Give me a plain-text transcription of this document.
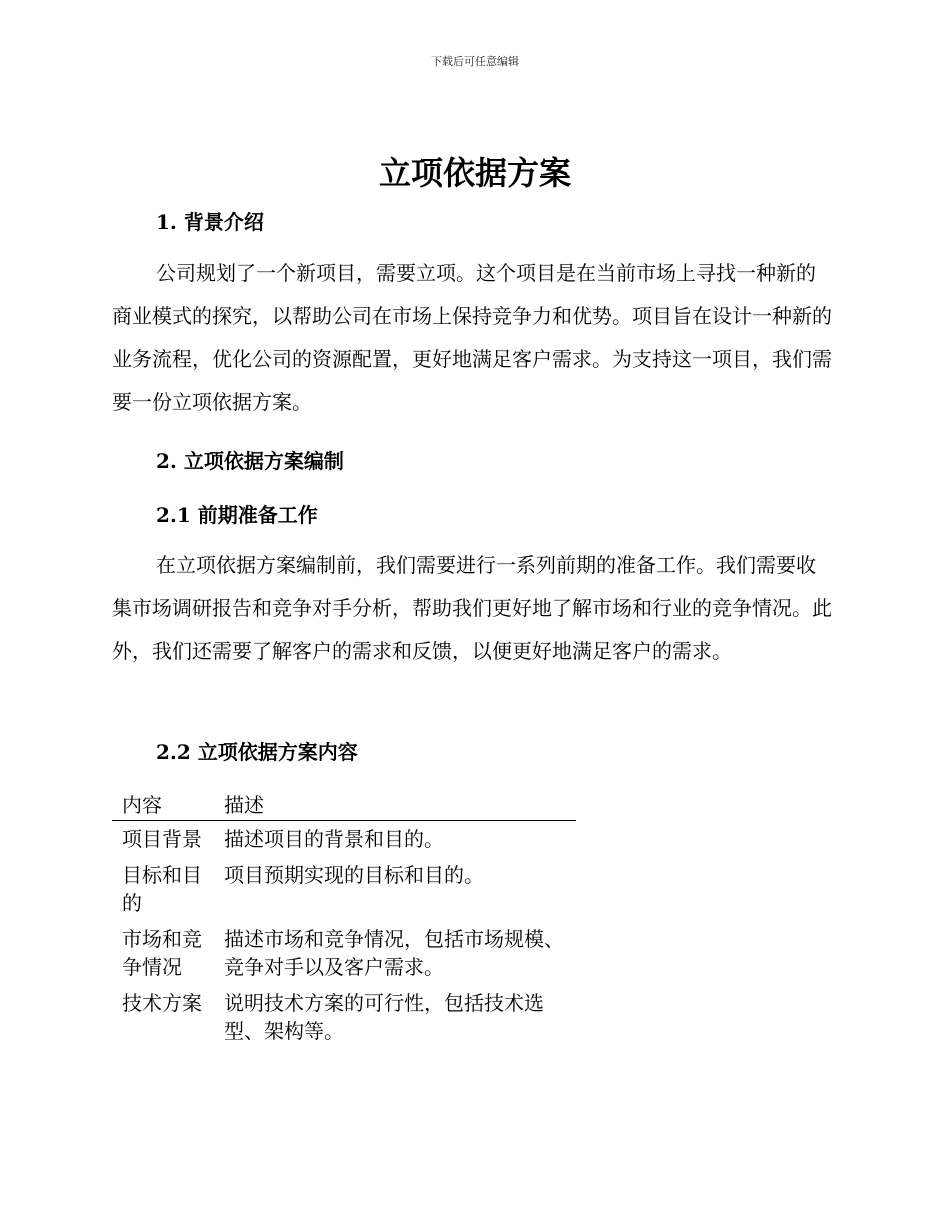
下载后可任意编辑
立项依据方案
1. 背景介绍

公司规划了一个新项目，需要立项。这个项目是在当前市场上寻找一种新的商业模式的探究，以帮助公司在市场上保持竞争力和优势。项目旨在设计一种新的业务流程，优化公司的资源配置，更好地满足客户需求。为支持这一项目，我们需要一份立项依据方案。

2. 立项依据方案编制
2.1 前期准备工作

在立项依据方案编制前，我们需要进行一系列前期的准备工作。我们需要收集市场调研报告和竞争对手分析，帮助我们更好地了解市场和行业的竞争情况。此外，我们还需要了解客户的需求和反馈，以便更好地满足客户的需求。

2.2 立项依据方案内容
内容	描述
项目背景	描述项目的背景和目的。
目标和目的	项目预期实现的目标和目的。
市场和竞争情况	描述市场和竞争情况，包括市场规模、竞争对手以及客户需求。
技术方案	说明技术方案的可行性，包括技术选型、架构等。
